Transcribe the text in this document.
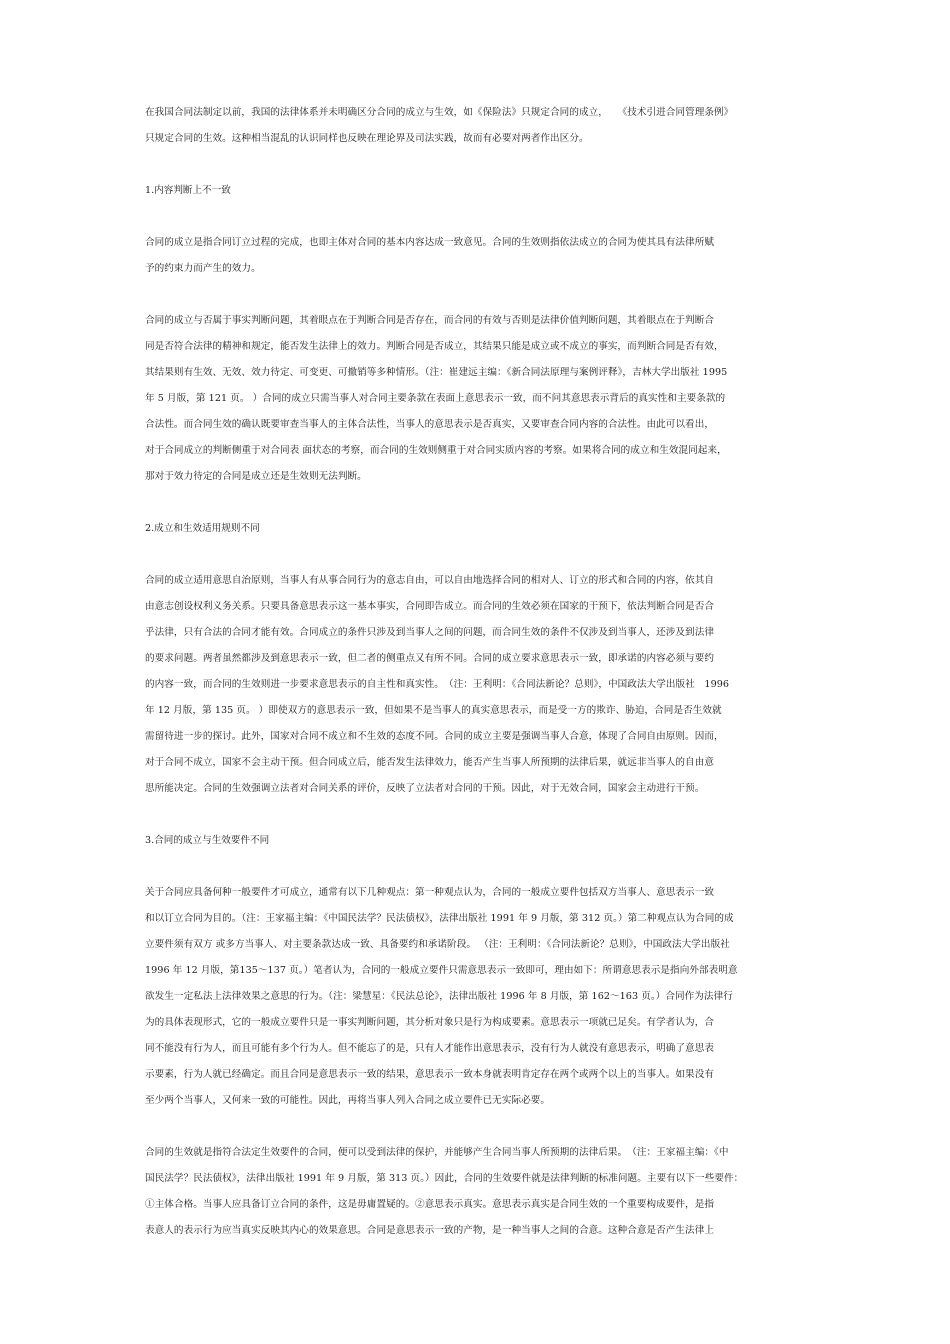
在我国合同法制定以前，我国的法律体系并未明确区分合同的成立与生效，如《保险法》只规定合同的成立，　　《技术引进合同管理条例》
只规定合同的生效。这种相当混乱的认识同样也反映在理论界及司法实践，故而有必要对两者作出区分。
1.内容判断上不一致
合同的成立是指合同订立过程的完成，也即主体对合同的基本内容达成一致意见。合同的生效则指依法成立的合同为使其具有法律所赋
予的约束力而产生的效力。
合同的成立与否属于事实判断问题，其着眼点在于判断合同是否存在，而合同的有效与否则是法律价值判断问题，其着眼点在于判断合
同是否符合法律的精神和规定，能否发生法律上的效力。判断合同是否成立，其结果只能是成立或不成立的事实，而判断合同是否有效，
其结果则有生效、无效、效力待定、可变更、可撤销等多种情形。（注：崔建远主编：《新合同法原理与案例评释》，吉林大学出版社 1995
年 5 月版，第 121 页。 ）合同的成立只需当事人对合同主要条款在表面上意思表示一致，而不问其意思表示背后的真实性和主要条款的
合法性。而合同生效的确认既要审查当事人的主体合法性，当事人的意思表示是否真实，又要审查合同内容的合法性。由此可以看出，
对于合同成立的判断侧重于对合同表 面状态的考察，而合同的生效则侧重于对合同实质内容的考察。如果将合同的成立和生效混同起来，
那对于效力待定的合同是成立还是生效则无法判断。
2.成立和生效适用规则不同
合同的成立适用意思自治原则，当事人有从事合同行为的意志自由，可以自由地选择合同的相对人、订立的形式和合同的内容，依其自
由意志创设权利义务关系。只要具备意思表示这一基本事实，合同即告成立。而合同的生效必须在国家的干预下，依法判断合同是否合
乎法律，只有合法的合同才能有效。合同成立的条件只涉及到当事人之间的问题，而合同生效的条件不仅涉及到当事人，还涉及到法律
的要求问题。两者虽然都涉及到意思表示一致，但二者的侧重点又有所不同。合同的成立要求意思表示一致，即承诺的内容必须与要约
的内容一致，而合同的生效则进一步要求意思表示的自主性和真实性。　（注：王利明：《合同法新论？总则》，中国政法大学出版社　1996
年 12 月版，第 135 页。 ）即使双方的意思表示一致，但如果不是当事人的真实意思表示，而是受一方的欺诈、胁迫，合同是否生效就
需留待进一步的探讨。此外，国家对合同不成立和不生效的态度不同。合同的成立主要是强调当事人合意，体现了合同自由原则。因而，
对于合同不成立，国家不会主动干预。但合同成立后，能否发生法律效力，能否产生当事人所预期的法律后果，就远非当事人的自由意
思所能决定。合同的生效强调立法者对合同关系的评价，反映了立法者对合同的干预。因此，对于无效合同，国家会主动进行干预。
3.合同的成立与生效要件不同
关于合同应具备何种一般要件才可成立，通常有以下几种观点：第一种观点认为，合同的一般成立要件包括双方当事人、意思表示一致
和以订立合同为目的。（注：王家福主编：《中国民法学？民法债权》，法律出版社 1991 年 9 月版，第 312 页。）第二种观点认为合同的成
立要件须有双方 或多方当事人、对主要条款达成一致、具备要约和承诺阶段。 （注：王利明：《合同法新论？总则》，中国政法大学出版社
1996 年 12 月版，第135～137 页。）笔者认为，合同的一般成立要件只需意思表示一致即可，理由如下：所谓意思表示是指向外部表明意
欲发生一定私法上法律效果之意思的行为。（注：梁慧星：《民法总论》，法律出版社 1996 年 8 月版，第 162～163 页。）合同作为法律行
为的具体表现形式，它的一般成立要件只是一事实判断问题，其分析对象只是行为构成要素。意思表示一项就已足矣。有学者认为，合
同不能没有行为人，而且可能有多个行为人。但不能忘了的是，只有人才能作出意思表示，没有行为人就没有意思表示，明确了意思表
示要素，行为人就已经确定。而且合同是意思表示一致的结果，意思表示一致本身就表明肯定存在两个或两个以上的当事人。如果没有
至少两个当事人，又何来一致的可能性。因此，再将当事人列入合同之成立要件已无实际必要。
合同的生效就是指符合法定生效要件的合同，便可以受到法律的保护，并能够产生合同当事人所预期的法律后果。　（注：王家福主编：《中
国民法学？民法债权》，法律出版社 1991 年 9 月版，第 313 页。）因此，合同的生效要件就是法律判断的标准问题。主要有以下一些要件：
①主体合格。当事人应具备订立合同的条件，这是毋庸置疑的。②意思表示真实。意思表示真实是合同生效的一个重要构成要件，是指
表意人的表示行为应当真实反映其内心的效果意思。合同是意思表示一致的产物，是一种当事人之间的合意。这种合意是否产生法律上
